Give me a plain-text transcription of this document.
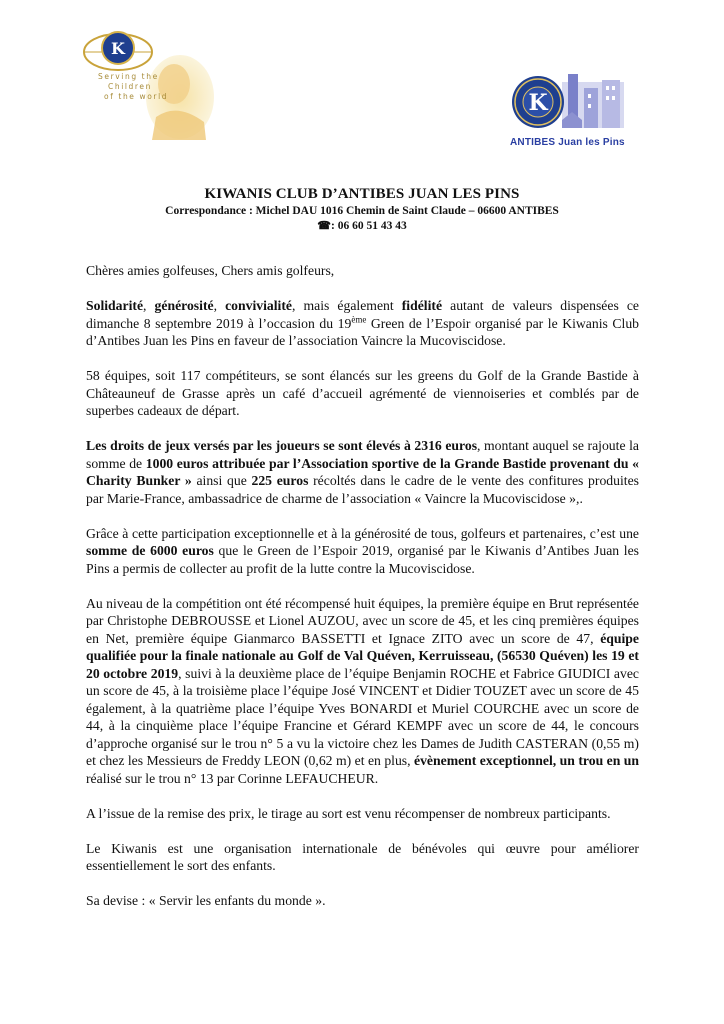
K
Serving the
Children
of the world	K
ANTIBES Juan les Pins
KIWANIS CLUB D’ANTIBES JUAN LES PINS
Correspondance : Michel DAU 1016 Chemin de Saint Claude – 06600 ANTIBES
☎: 06 60 51 43 43

Chères amies golfeuses, Chers amis golfeurs,

Solidarité, générosité, convivialité, mais également fidélité autant de valeurs dispensées ce dimanche 8 septembre 2019 à l’occasion du 19ème Green de l’Espoir organisé par le Kiwanis Club d’Antibes Juan les Pins en faveur de l’association Vaincre la Mucoviscidose.

58 équipes, soit 117 compétiteurs, se sont élancés sur les greens du Golf de la Grande Bastide à Châteauneuf de Grasse après un café d’accueil agrémenté de viennoiseries et comblés par de superbes cadeaux de départ.

Les droits de jeux versés par les joueurs se sont élevés à 2316 euros, montant auquel se rajoute la somme de 1000 euros attribuée par l’Association sportive de la Grande Bastide provenant du « Charity Bunker » ainsi que 225 euros récoltés dans le cadre de le vente des confitures produites par Marie-France, ambassadrice de charme de l’association « Vaincre la Mucoviscidose »,.

Grâce à cette participation exceptionnelle et à la générosité de tous, golfeurs et partenaires, c’est une somme de 6000 euros que le Green de l’Espoir 2019, organisé par le Kiwanis d’Antibes Juan les Pins a permis de collecter au profit de la lutte contre la Mucoviscidose.

Au niveau de la compétition ont été récompensé huit équipes, la première équipe en Brut représentée par Christophe DEBROUSSE et Lionel AUZOU, avec un score de 45, et les cinq premières équipes en Net, première équipe Gianmarco BASSETTI et Ignace ZITO avec un score de 47, équipe qualifiée pour la finale nationale au Golf de Val Quéven, Kerruisseau, (56530 Quéven) les 19 et 20 octobre 2019, suivi à la deuxième place de l’équipe Benjamin ROCHE et Fabrice GIUDICI avec un score de 45, à la troisième place l’équipe José VINCENT et Didier TOUZET avec un score de 45 également, à la quatrième place l’équipe Yves BONARDI et Muriel COURCHE avec un score de 44, à la cinquième place l’équipe Francine et Gérard KEMPF avec un score de 44, le concours d’approche organisé sur le trou n° 5 a vu la victoire chez les Dames de Judith CASTERAN (0,55 m) et chez les Messieurs de Freddy LEON (0,62 m) et en plus, évènement exceptionnel, un trou en un réalisé sur le trou n° 13 par Corinne LEFAUCHEUR.

A l’issue de la remise des prix, le tirage au sort est venu récompenser de nombreux participants.

Le Kiwanis est une organisation internationale de bénévoles qui œuvre pour améliorer essentiellement le sort des enfants.

Sa devise : « Servir les enfants du monde ».
